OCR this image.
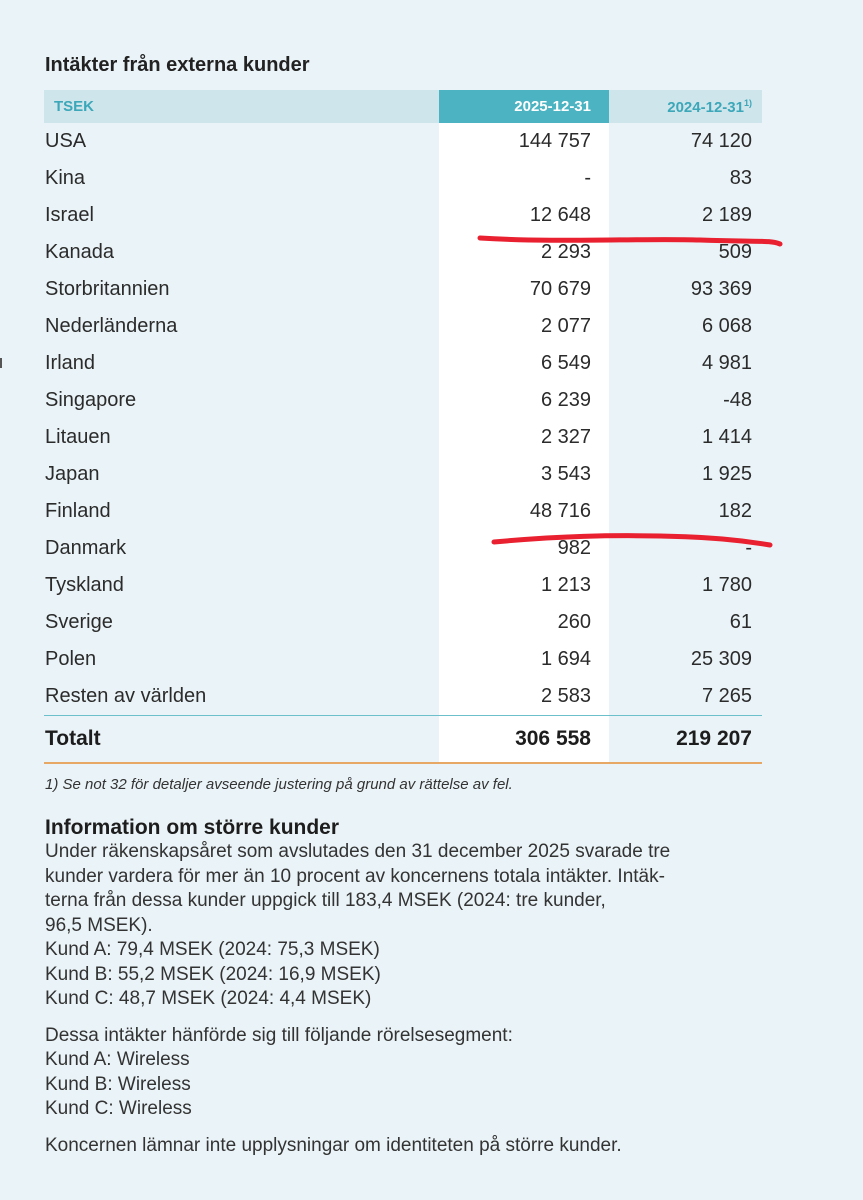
Intäkter från externa kunder
TSEK	2025-12-31	2024-12-31$^{1)}$
USA	144 757	74 120
Kina	-	83
Israel	12 648	2 189
Kanada	2 293	509
Storbritannien	70 679	93 369
Nederländerna	2 077	6 068
Irland	6 549	4 981
Singapore	6 239	-48
Litauen	2 327	1 414
Japan	3 543	1 925
Finland	48 716	182
Danmark	982	-
Tyskland	1 213	1 780
Sverige	260	61
Polen	1 694	25 309
Resten av världen	2 583	7 265
Totalt	306 558	219 207
1) Se not 32 för detaljer avseende justering på grund av rättelse av fel.
Information om större kunder
Under räkenskapsåret som avslutades den 31 december 2025 svarade tre
kunder vardera för mer än 10 procent av koncernens totala intäkter. Intäk-
terna från dessa kunder uppgick till 183,4 MSEK (2024: tre kunder,
96,5 MSEK).
Kund A: 79,4 MSEK (2024: 75,3 MSEK)
Kund B: 55,2 MSEK (2024: 16,9 MSEK)
Kund C: 48,7 MSEK (2024: 4,4 MSEK)
Dessa intäkter hänförde sig till följande rörelsesegment:
Kund A: Wireless
Kund B: Wireless
Kund C: Wireless
Koncernen lämnar inte upplysningar om identiteten på större kunder.
